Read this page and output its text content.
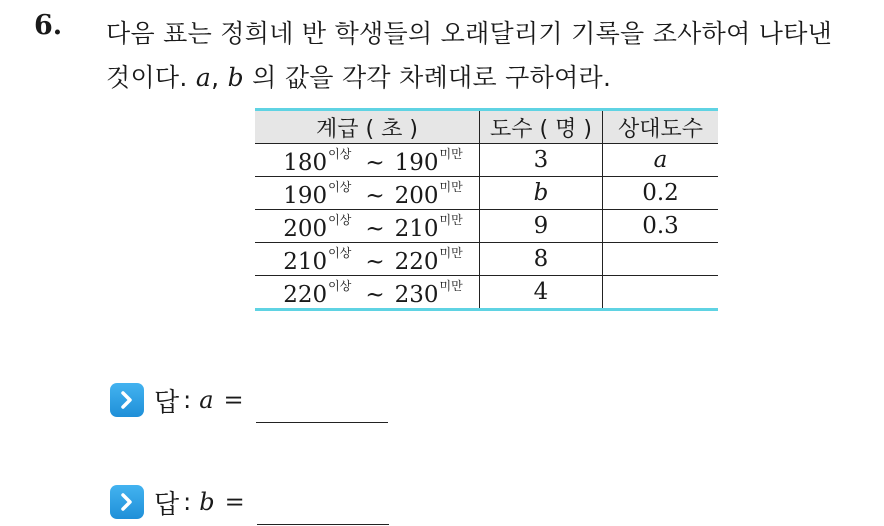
6. 다음 표는 정희네 반 학생들의 오래달리기 기록을 조사하여 나타낸
것이다. a, b 의 값을 각각 차례대로 구하여라.
계급 ( 초 )	도수 ( 명 )	상대도수
$180^{이상}$ ~ $190^{미만}$	3	a
$190^{이상}$ ~ $200^{미만}$	b	0.2
$200^{이상}$ ~ $210^{미만}$	9	0.3
$210^{이상}$ ~ $220^{미만}$	8	
$220^{이상}$ ~ $230^{미만}$	4	
답 : a =
답 : b =
